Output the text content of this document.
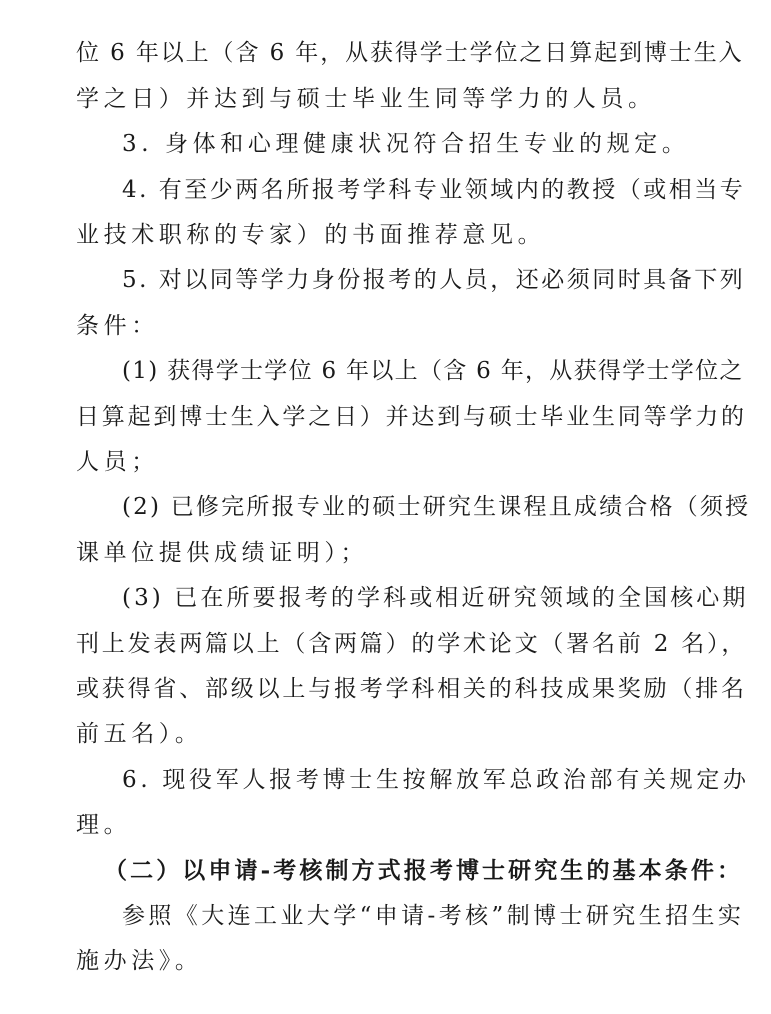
位 6 年以上（含 6 年，从获得学士学位之日算起到博士生入
学之日）并达到与硕士毕业生同等学力的人员。
3. 身体和心理健康状况符合招生专业的规定。
4. 有至少两名所报考学科专业领域内的教授（或相当专
业技术职称的专家）的书面推荐意见。
5. 对以同等学力身份报考的人员，还必须同时具备下列
条件：
(1) 获得学士学位 6 年以上（含 6 年，从获得学士学位之
日算起到博士生入学之日）并达到与硕士毕业生同等学力的
人员；
(2) 已修完所报专业的硕士研究生课程且成绩合格（须授
课单位提供成绩证明）；
(3) 已在所要报考的学科或相近研究领域的全国核心期
刊上发表两篇以上（含两篇）的学术论文（署名前 2 名），
或获得省、部级以上与报考学科相关的科技成果奖励（排名
前五名）。
6. 现役军人报考博士生按解放军总政治部有关规定办
理。
（二）以申请-考核制方式报考博士研究生的基本条件：
参照《大连工业大学“申请-考核”制博士研究生招生实
施办法》。
